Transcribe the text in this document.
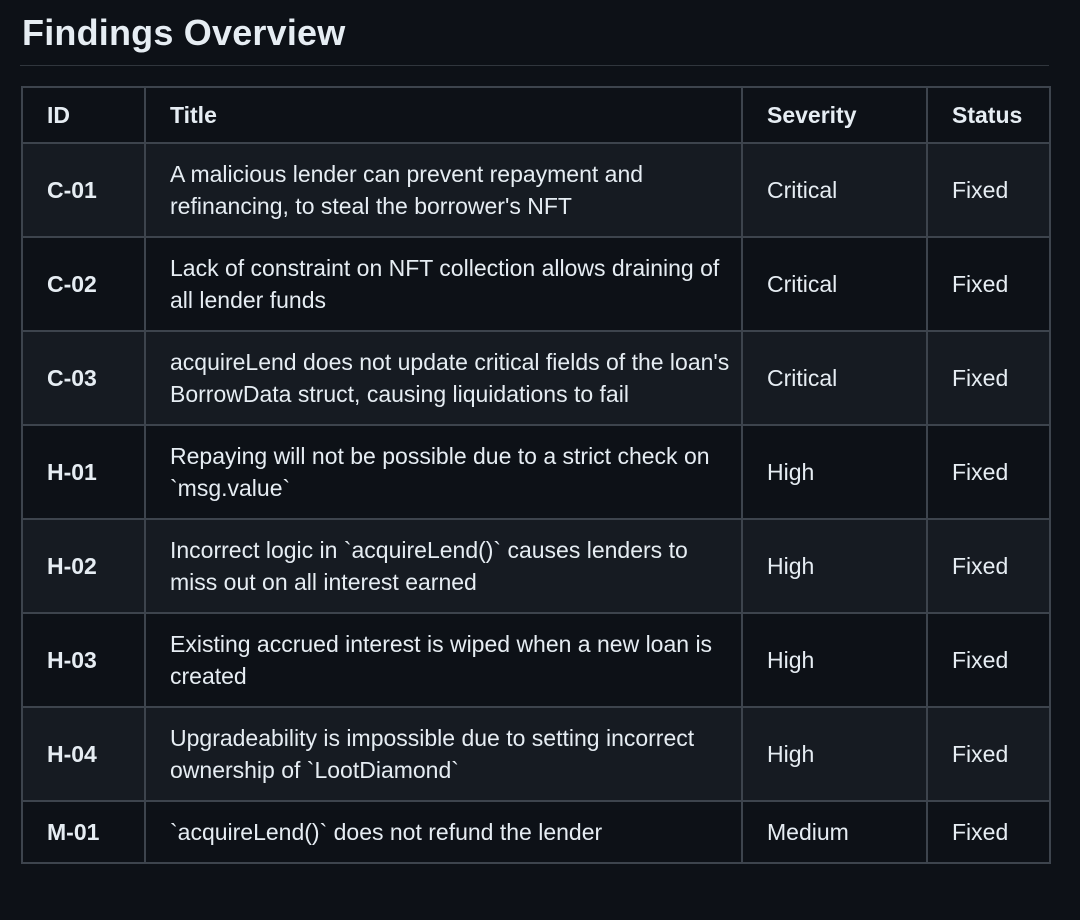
Findings Overview
ID	Title	Severity	Status
C-01	A malicious lender can prevent repayment and refinancing, to steal the borrower's NFT	Critical	Fixed
C-02	Lack of constraint on NFT collection allows draining of all lender funds	Critical	Fixed
C-03	acquireLend does not update critical fields of the loan's BorrowData struct, causing liquidations to fail	Critical	Fixed
H-01	Repaying will not be possible due to a strict check on `msg.value`	High	Fixed
H-02	Incorrect logic in `acquireLend()` causes lenders to miss out on all interest earned	High	Fixed
H-03	Existing accrued interest is wiped when a new loan is created	High	Fixed
H-04	Upgradeability is impossible due to setting incorrect ownership of `LootDiamond`	High	Fixed
M-01	`acquireLend()` does not refund the lender	Medium	Fixed
